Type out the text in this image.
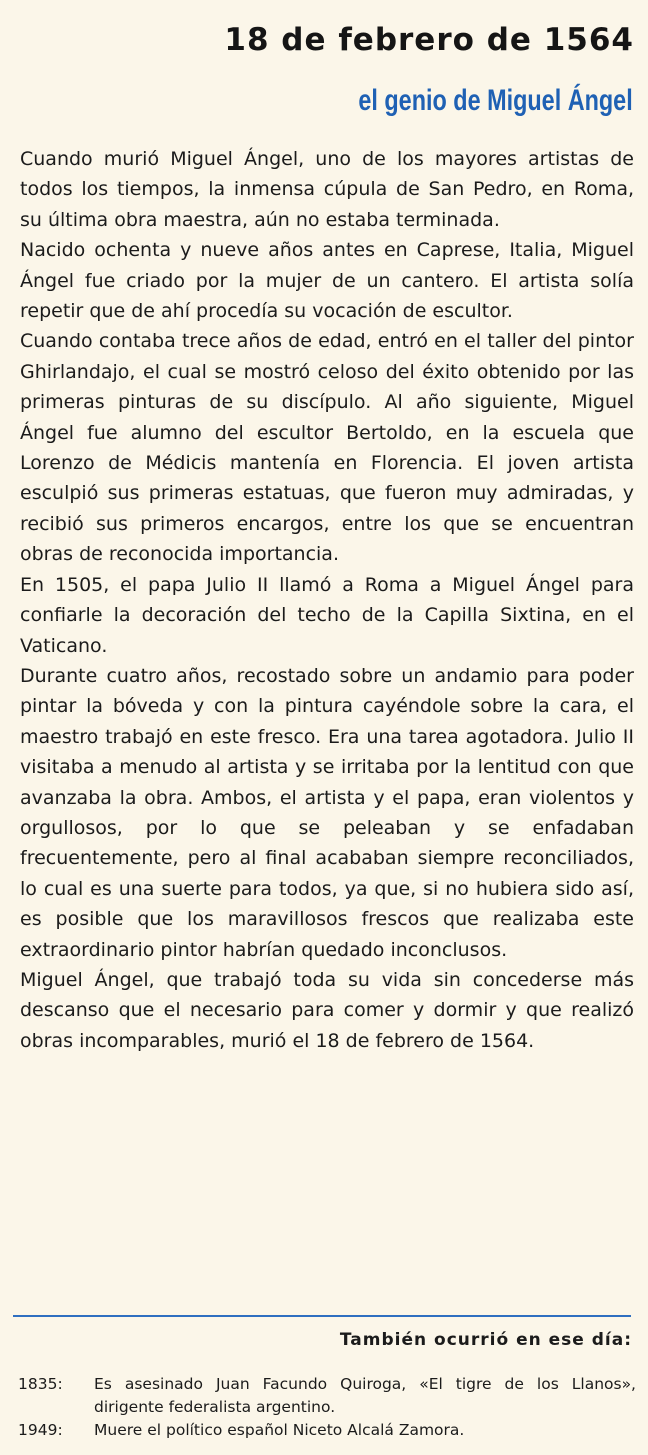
18 de febrero de 1564
el genio de Miguel Ángel

Cuando murió Miguel Ángel, uno de los mayores artistas de todos los tiempos, la inmensa cúpula de San Pedro, en Roma, su última obra maestra, aún no estaba terminada.

Nacido ochenta y nueve años antes en Caprese, Italia, Miguel Ángel fue criado por la mujer de un cantero. El artista solía repetir que de ahí procedía su vocación de escultor.

Cuando contaba trece años de edad, entró en el taller del pintor Ghirlandajo, el cual se mostró celoso del éxito obtenido por las primeras pinturas de su discípulo. Al año siguiente, Miguel Ángel fue alumno del escultor Bertoldo, en la escuela que Lorenzo de Médicis mantenía en Florencia. El joven artista esculpió sus primeras estatuas, que fueron muy admiradas, y recibió sus primeros encargos, entre los que se encuentran obras de reconocida importancia.

En 1505, el papa Julio II llamó a Roma a Miguel Ángel para confiarle la decoración del techo de la Capilla Sixtina, en el Vaticano.

Durante cuatro años, recostado sobre un andamio para poder pintar la bóveda y con la pintura cayéndole sobre la cara, el maestro trabajó en este fresco. Era una tarea agotadora. Julio II visitaba a menudo al artista y se irritaba por la lentitud con que avanzaba la obra. Ambos, el artista y el papa, eran violentos y orgullosos, por lo que se peleaban y se enfadaban frecuentemente, pero al final acababan siempre reconciliados, lo cual es una suerte para todos, ya que, si no hubiera sido así, es posible que los maravillosos frescos que realizaba este extraordinario pintor habrían quedado inconclusos.

Miguel Ángel, que trabajó toda su vida sin concederse más descanso que el necesario para comer y dormir y que realizó obras incomparables, murió el 18 de febrero de 1564.

También ocurrió en ese día:
1835:	Es asesinado Juan Facundo Quiroga, «El tigre de los Llanos», dirigente federalista argentino.
1949:	Muere el político español Niceto Alcalá Zamora.
